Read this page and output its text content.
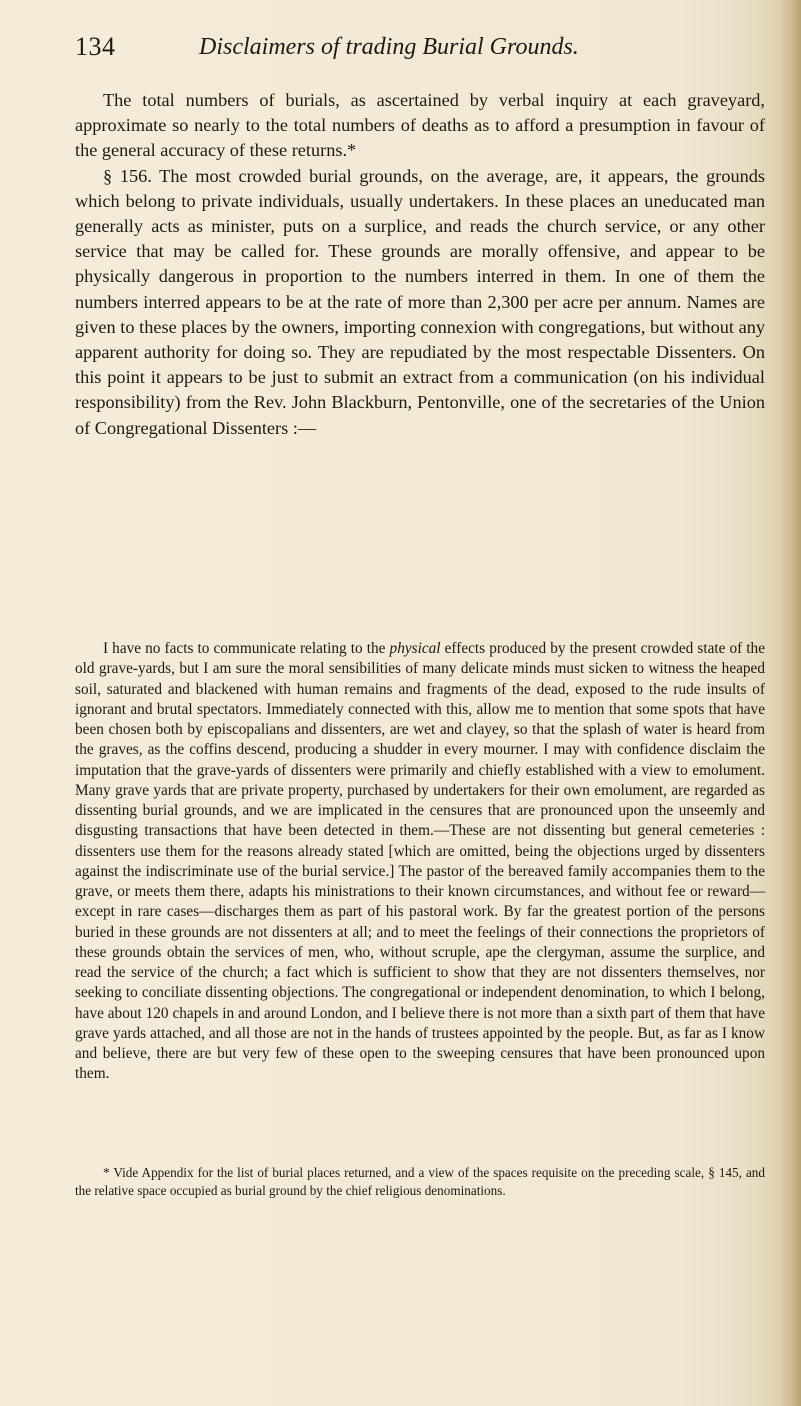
134	Disclaimers of trading Burial Grounds.

The total numbers of burials, as ascertained by verbal inquiry at each graveyard, approximate so nearly to the total numbers of deaths as to afford a presumption in favour of the general accuracy of these returns.*

§ 156. The most crowded burial grounds, on the average, are, it appears, the grounds which belong to private individuals, usually undertakers. In these places an uneducated man generally acts as minister, puts on a surplice, and reads the church service, or any other service that may be called for. These grounds are morally offensive, and appear to be physically dangerous in proportion to the numbers interred in them. In one of them the numbers interred appears to be at the rate of more than 2,300 per acre per annum. Names are given to these places by the owners, importing connexion with congregations, but without any apparent authority for doing so. They are repudiated by the most respectable Dissenters. On this point it appears to be just to submit an extract from a communication (on his individual responsibility) from the Rev. John Blackburn, Pentonville, one of the secretaries of the Union of Congregational Dissenters :—

I have no facts to communicate relating to the physical effects produced by the present crowded state of the old grave-yards, but I am sure the moral sensibilities of many delicate minds must sicken to witness the heaped soil, saturated and blackened with human remains and fragments of the dead, exposed to the rude insults of ignorant and brutal spectators. Immediately connected with this, allow me to mention that some spots that have been chosen both by episcopalians and dissenters, are wet and clayey, so that the splash of water is heard from the graves, as the coffins descend, producing a shudder in every mourner. I may with confidence disclaim the imputation that the grave-yards of dissenters were primarily and chiefly established with a view to emolument. Many grave yards that are private property, purchased by undertakers for their own emolument, are regarded as dissenting burial grounds, and we are implicated in the censures that are pronounced upon the unseemly and disgusting transactions that have been detected in them.—These are not dissenting but general cemeteries : dissenters use them for the reasons already stated [which are omitted, being the objections urged by dissenters against the indiscriminate use of the burial service.] The pastor of the bereaved family accompanies them to the grave, or meets them there, adapts his ministrations to their known circumstances, and without fee or reward— except in rare cases—discharges them as part of his pastoral work. By far the greatest portion of the persons buried in these grounds are not dissenters at all; and to meet the feelings of their connections the proprietors of these grounds obtain the services of men, who, without scruple, ape the clergyman, assume the surplice, and read the service of the church; a fact which is sufficient to show that they are not dissenters themselves, nor seeking to conciliate dissenting objections. The congregational or independent denomination, to which I belong, have about 120 chapels in and around London, and I believe there is not more than a sixth part of them that have grave yards attached, and all those are not in the hands of trustees appointed by the people. But, as far as I know and believe, there are but very few of these open to the sweeping censures that have been pronounced upon them.
* Vide Appendix for the list of burial places returned, and a view of the spaces requisite on the preceding scale, § 145, and the relative space occupied as burial ground by the chief religious denominations.
